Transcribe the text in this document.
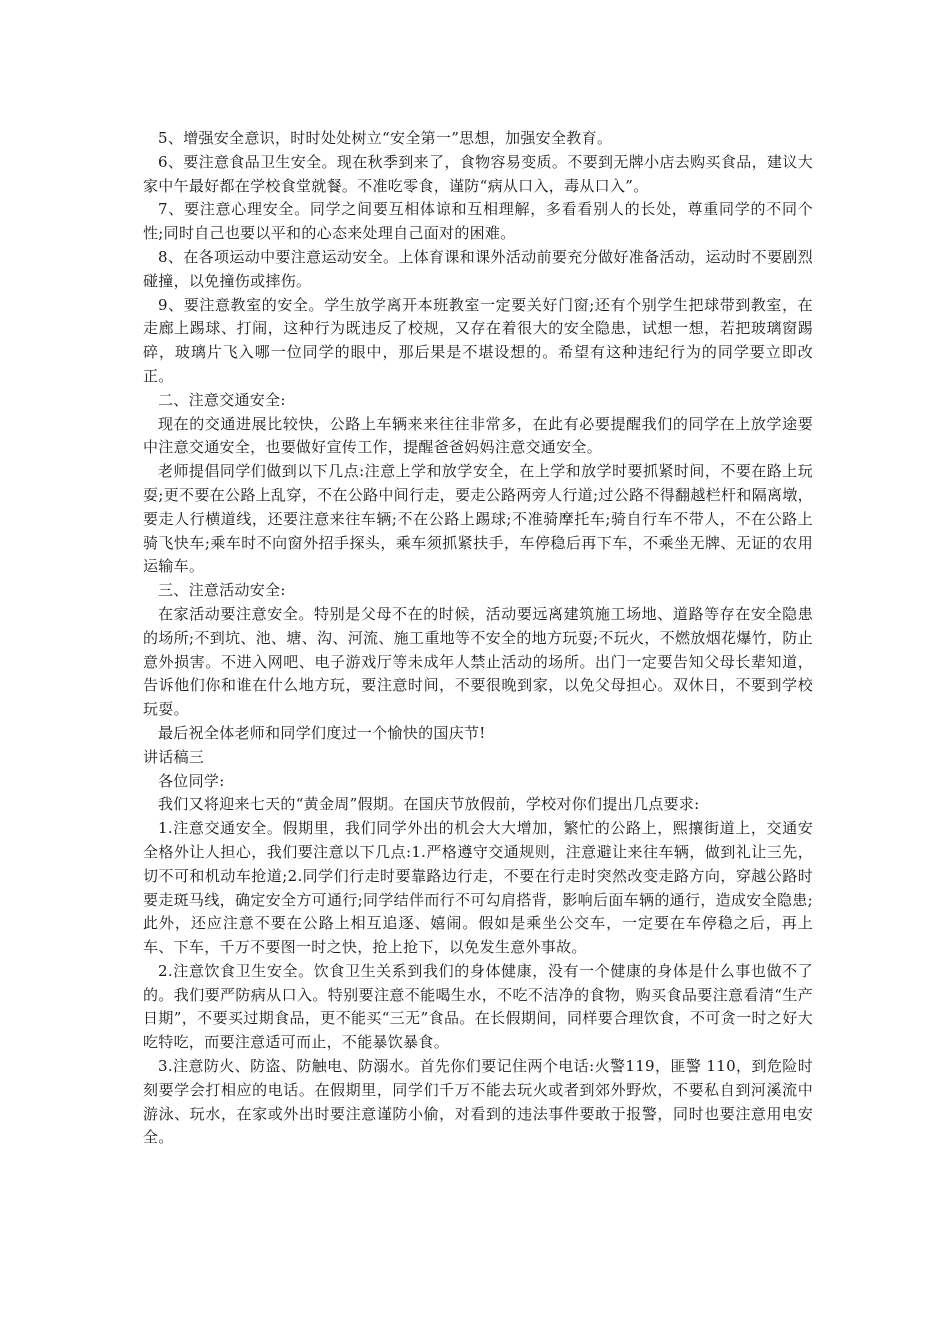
5、增强安全意识，时时处处树立“安全第一”思想，加强安全教育。

6、要注意食品卫生安全。现在秋季到来了，食物容易变质。不要到无牌小店去购买食品，建议大家中午最好都在学校食堂就餐。不准吃零食，谨防“病从口入，毒从口入”。

7、要注意心理安全。同学之间要互相体谅和互相理解，多看看别人的长处，尊重同学的不同个性;同时自己也要以平和的心态来处理自己面对的困难。

8、在各项运动中要注意运动安全。上体育课和课外活动前要充分做好准备活动，运动时不要剧烈碰撞，以免撞伤或摔伤。

9、要注意教室的安全。学生放学离开本班教室一定要关好门窗;还有个别学生把球带到教室，在走廊上踢球、打闹，这种行为既违反了校规，又存在着很大的安全隐患，试想一想，若把玻璃窗踢碎，玻璃片飞入哪一位同学的眼中，那后果是不堪设想的。希望有这种违纪行为的同学要立即改正。

二、注意交通安全:

现在的交通进展比较快，公路上车辆来来往往非常多，在此有必要提醒我们的同学在上放学途要中注意交通安全，也要做好宣传工作，提醒爸爸妈妈注意交通安全。

老师提倡同学们做到以下几点:注意上学和放学安全，在上学和放学时要抓紧时间，不要在路上玩耍;更不要在公路上乱穿，不在公路中间行走，要走公路两旁人行道;过公路不得翻越栏杆和隔离墩，要走人行横道线，还要注意来往车辆;不在公路上踢球;不准骑摩托车;骑自行车不带人，不在公路上骑飞快车;乘车时不向窗外招手探头，乘车须抓紧扶手，车停稳后再下车，不乘坐无牌、无证的农用运输车。

三、注意活动安全:

在家活动要注意安全。特别是父母不在的时候，活动要远离建筑施工场地、道路等存在安全隐患的场所;不到坑、池、塘、沟、河流、施工重地等不安全的地方玩耍;不玩火，不燃放烟花爆竹，防止意外损害。不进入网吧、电子游戏厅等未成年人禁止活动的场所。出门一定要告知父母长辈知道，告诉他们你和谁在什么地方玩，要注意时间，不要很晚到家，以免父母担心。双休日，不要到学校玩耍。

最后祝全体老师和同学们度过一个愉快的国庆节!

讲话稿三

各位同学:

我们又将迎来七天的“黄金周”假期。在国庆节放假前，学校对你们提出几点要求:

1.注意交通安全。假期里，我们同学外出的机会大大增加，繁忙的公路上，熙攘街道上，交通安全格外让人担心，我们要注意以下几点:1.严格遵守交通规则，注意避让来往车辆，做到礼让三先，切不可和机动车抢道;2.同学们行走时要靠路边行走，不要在行走时突然改变走路方向，穿越公路时要走斑马线，确定安全方可通行;同学结伴而行不可勾肩搭背，影响后面车辆的通行，造成安全隐患;此外，还应注意不要在公路上相互追逐、嬉闹。假如是乘坐公交车，一定要在车停稳之后，再上车、下车，千万不要图一时之快，抢上抢下，以免发生意外事故。

2.注意饮食卫生安全。饮食卫生关系到我们的身体健康，没有一个健康的身体是什么事也做不了的。我们要严防病从口入。特别要注意不能喝生水，不吃不洁净的食物，购买食品要注意看清“生产日期”，不要买过期食品，更不能买“三无”食品。在长假期间，同样要合理饮食，不可贪一时之好大吃特吃，而要注意适可而止，不能暴饮暴食。

3.注意防火、防盗、防触电、防溺水。首先你们要记住两个电话:火警119，匪警 110，到危险时刻要学会打相应的电话。在假期里，同学们千万不能去玩火或者到郊外野炊，不要私自到河溪流中游泳、玩水，在家或外出时要注意谨防小偷，对看到的违法事件要敢于报警，同时也要注意用电安全。
